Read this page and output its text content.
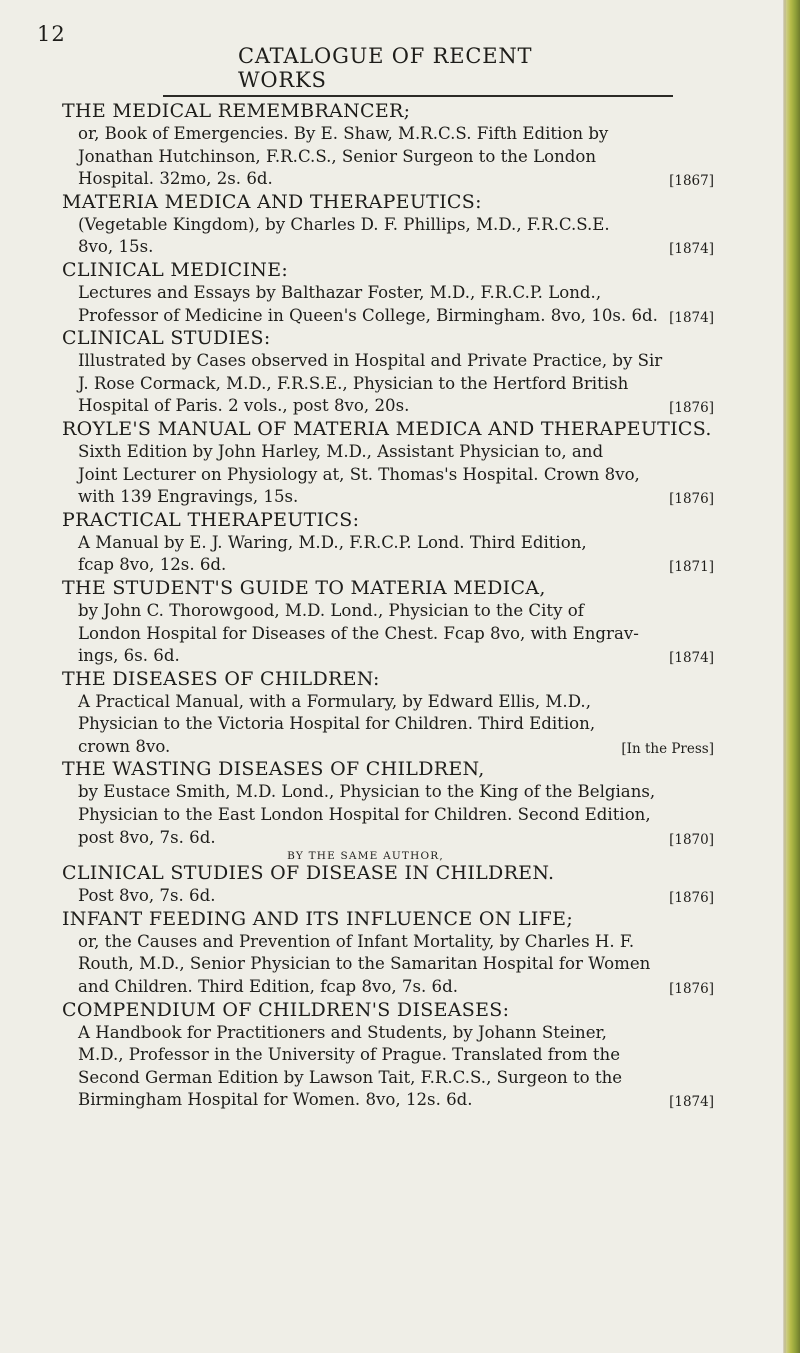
12
CATALOGUE OF RECENT WORKS
THE MEDICAL REMEMBRANCER;
or, Book of Emergencies. By E. Shaw, M.R.C.S. Fifth Edition by
Jonathan Hutchinson, F.R.C.S., Senior Surgeon to the London
[1867]
Hospital. 32mo, 2s. 6d.
MATERIA MEDICA AND THERAPEUTICS:
(Vegetable Kingdom), by Charles D. F. Phillips, M.D., F.R.C.S.E.
[1874]
8vo, 15s.
CLINICAL MEDICINE:
Lectures and Essays by Balthazar Foster, M.D., F.R.C.P. Lond.,
[1874]
Professor of Medicine in Queen's College, Birmingham. 8vo, 10s. 6d.
CLINICAL STUDIES:
Illustrated by Cases observed in Hospital and Private Practice, by Sir
J. Rose Cormack, M.D., F.R.S.E., Physician to the Hertford British
[1876]
Hospital of Paris. 2 vols., post 8vo, 20s.
ROYLE'S MANUAL OF MATERIA MEDICA AND THERAPEUTICS.
Sixth Edition by John Harley, M.D., Assistant Physician to, and
Joint Lecturer on Physiology at, St. Thomas's Hospital. Crown 8vo,
[1876]
with 139 Engravings, 15s.
PRACTICAL THERAPEUTICS:
A Manual by E. J. Waring, M.D., F.R.C.P. Lond. Third Edition,
[1871]
fcap 8vo, 12s. 6d.
THE STUDENT'S GUIDE TO MATERIA MEDICA,
by John C. Thorowgood, M.D. Lond., Physician to the City of
London Hospital for Diseases of the Chest. Fcap 8vo, with Engrav-
[1874]
ings, 6s. 6d.
THE DISEASES OF CHILDREN:
A Practical Manual, with a Formulary, by Edward Ellis, M.D.,
Physician to the Victoria Hospital for Children. Third Edition,
[In the Press]
crown 8vo.
THE WASTING DISEASES OF CHILDREN,
by Eustace Smith, M.D. Lond., Physician to the King of the Belgians,
Physician to the East London Hospital for Children. Second Edition,
[1870]
post 8vo, 7s. 6d.
BY THE SAME AUTHOR,
CLINICAL STUDIES OF DISEASE IN CHILDREN.
[1876]
Post 8vo, 7s. 6d.
INFANT FEEDING AND ITS INFLUENCE ON LIFE;
or, the Causes and Prevention of Infant Mortality, by Charles H. F.
Routh, M.D., Senior Physician to the Samaritan Hospital for Women
[1876]
and Children. Third Edition, fcap 8vo, 7s. 6d.
COMPENDIUM OF CHILDREN'S DISEASES:
A Handbook for Practitioners and Students, by Johann Steiner,
M.D., Professor in the University of Prague. Translated from the
Second German Edition by Lawson Tait, F.R.C.S., Surgeon to the
[1874]
Birmingham Hospital for Women. 8vo, 12s. 6d.
